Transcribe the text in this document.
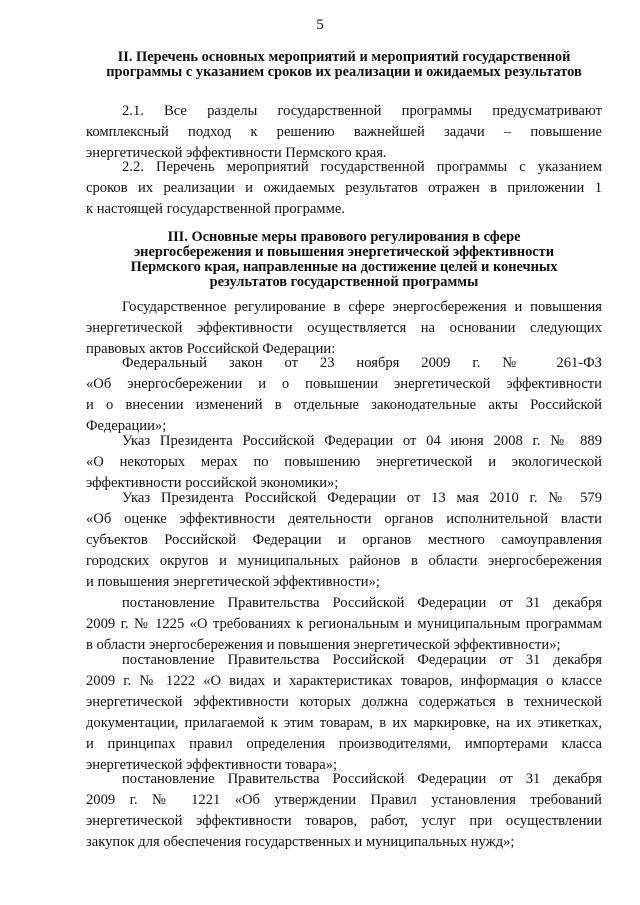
5
II. Перечень основных мероприятий и мероприятий государственной
программы с указанием сроков их реализации и ожидаемых результатов
2.1. Все разделы государственной программы предусматривают
комплексный подход к решению важнейшей задачи – повышение
энергетической эффективности Пермского края.
2.2. Перечень мероприятий государственной программы с указанием
сроков их реализации и ожидаемых результатов отражен в приложении 1
к настоящей государственной программе.
III. Основные меры правового регулирования в сфере
энергосбережения и повышения энергетической эффективности
Пермского края, направленные на достижение целей и конечных
результатов государственной программы
Государственное регулирование в сфере энергосбережения и повышения
энергетической эффективности осуществляется на основании следующих
правовых актов Российской Федерации:
Федеральный закон от 23 ноября 2009 г. № 261-ФЗ
«Об энергосбережении и о повышении энергетической эффективности
и о внесении изменений в отдельные законодательные акты Российской
Федерации»;
Указ Президента Российской Федерации от 04 июня 2008 г. № 889
«О некоторых мерах по повышению энергетической и экологической
эффективности российской экономики»;
Указ Президента Российской Федерации от 13 мая 2010 г. № 579
«Об оценке эффективности деятельности органов исполнительной власти
субъектов Российской Федерации и органов местного самоуправления
городских округов и муниципальных районов в области энергосбережения
и повышения энергетической эффективности»;
постановление Правительства Российской Федерации от 31 декабря
2009 г. № 1225 «О требованиях к региональным и муниципальным программам
в области энергосбережения и повышения энергетической эффективности»;
постановление Правительства Российской Федерации от 31 декабря
2009 г. № 1222 «О видах и характеристиках товаров, информация о классе
энергетической эффективности которых должна содержаться в технической
документации, прилагаемой к этим товарам, в их маркировке, на их этикетках,
и принципах правил определения производителями, импортерами класса
энергетической эффективности товара»;
постановление Правительства Российской Федерации от 31 декабря
2009 г. № 1221 «Об утверждении Правил установления требований
энергетической эффективности товаров, работ, услуг при осуществлении
закупок для обеспечения государственных и муниципальных нужд»;
